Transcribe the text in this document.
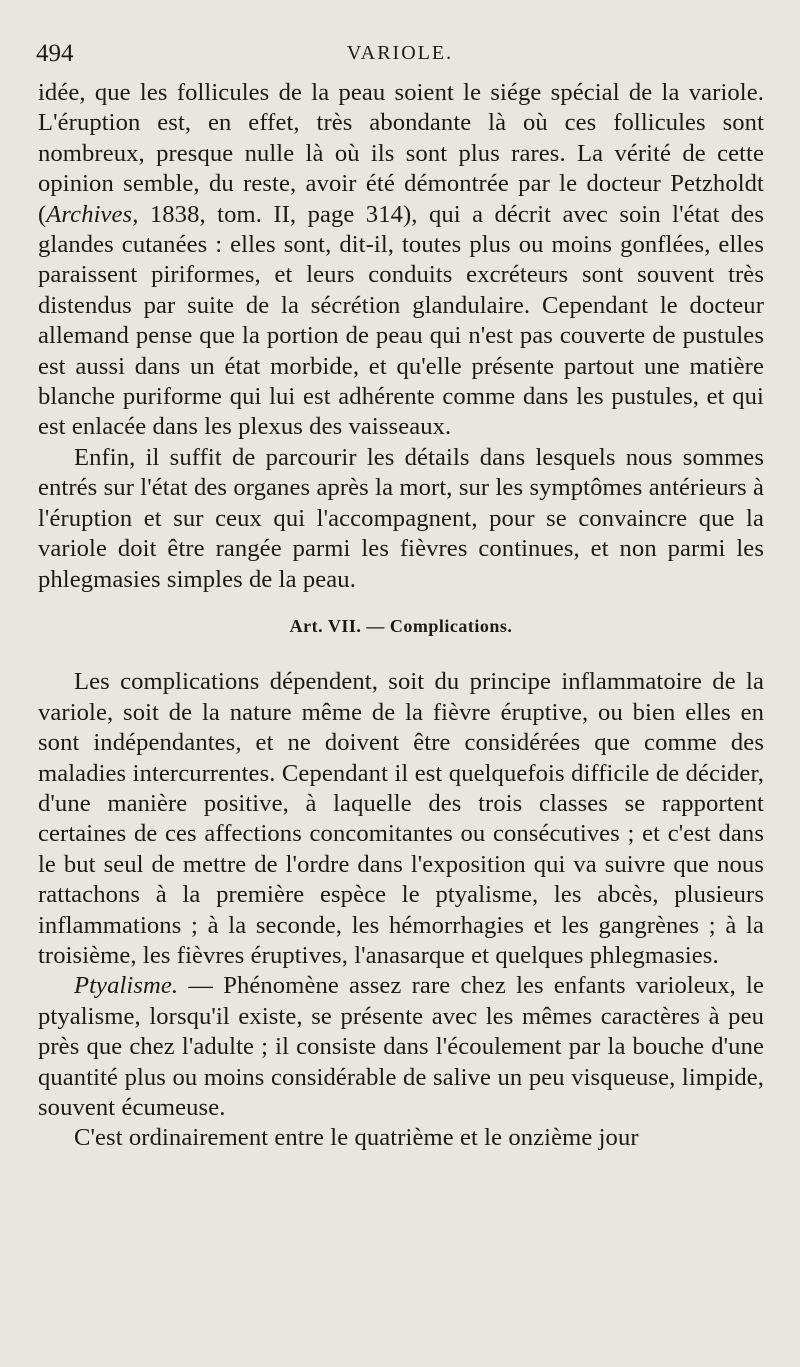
494	VARIOLE.

idée, que les follicules de la peau soient le siége spécial de la variole. L'éruption est, en effet, très abondante là où ces follicules sont nombreux, presque nulle là où ils sont plus rares. La vérité de cette opinion semble, du reste, avoir été démontrée par le docteur Petzholdt (Archives, 1838, tom. II, page 314), qui a décrit avec soin l'état des glandes cutanées : elles sont, dit-il, toutes plus ou moins gonflées, elles paraissent piriformes, et leurs conduits excréteurs sont souvent très distendus par suite de la sécrétion glandulaire. Cependant le docteur allemand pense que la portion de peau qui n'est pas couverte de pustules est aussi dans un état morbide, et qu'elle présente partout une matière blanche puriforme qui lui est adhérente comme dans les pustules, et qui est enlacée dans les plexus des vaisseaux.

Enfin, il suffit de parcourir les détails dans lesquels nous sommes entrés sur l'état des organes après la mort, sur les symptômes antérieurs à l'éruption et sur ceux qui l'accompagnent, pour se convaincre que la variole doit être rangée parmi les fièvres continues, et non parmi les phlegmasies simples de la peau.

Art. VII. — Complications.

Les complications dépendent, soit du principe inflammatoire de la variole, soit de la nature même de la fièvre éruptive, ou bien elles en sont indépendantes, et ne doivent être considérées que comme des maladies intercurrentes. Cependant il est quelquefois difficile de décider, d'une manière positive, à laquelle des trois classes se rapportent certaines de ces affections concomitantes ou consécutives ; et c'est dans le but seul de mettre de l'ordre dans l'exposition qui va suivre que nous rattachons à la première espèce le ptyalisme, les abcès, plusieurs inflammations ; à la seconde, les hémorrhagies et les gangrènes ; à la troisième, les fièvres éruptives, l'anasarque et quelques phlegmasies.

Ptyalisme. — Phénomène assez rare chez les enfants varioleux, le ptyalisme, lorsqu'il existe, se présente avec les mêmes caractères à peu près que chez l'adulte ; il consiste dans l'écoulement par la bouche d'une quantité plus ou moins considérable de salive un peu visqueuse, limpide, souvent écumeuse.

C'est ordinairement entre le quatrième et le onzième jour
